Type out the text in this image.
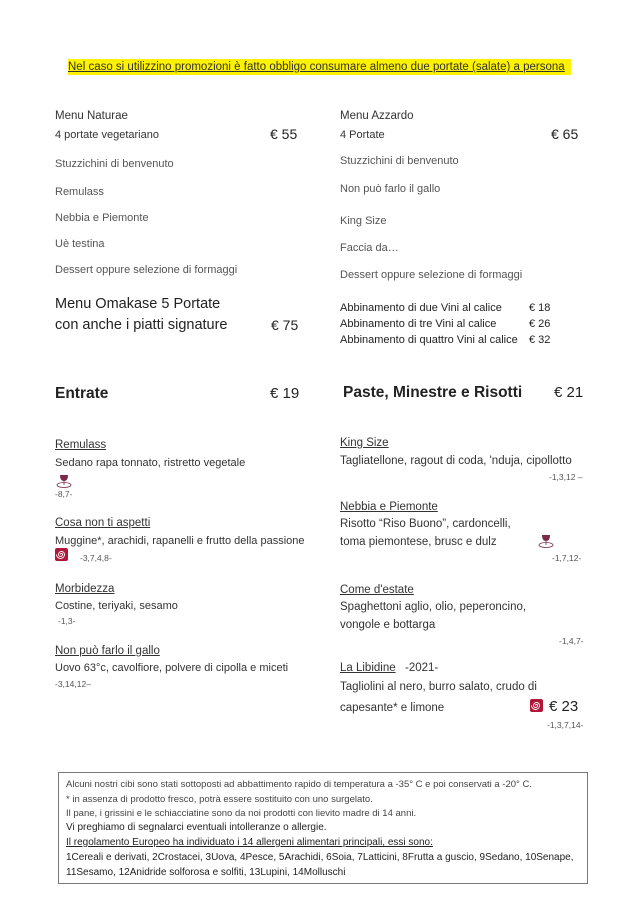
Nel caso si utilizzino promozioni è fatto obbligo consumare almeno due portate (salate) a persona
Menu Naturae
4 portate vegetariano	€ 55
Stuzzichini di benvenuto
Remulass
Nebbia e Piemonte
Uè testina
Dessert oppure selezione di formaggi
Menu Azzardo
4 Portate	€ 65
Stuzzichini di benvenuto
Non può farlo il gallo
King Size
Faccia da…
Dessert oppure selezione di formaggi
Menu Omakase 5 Portate
con anche i piatti signature	€ 75
Abbinamento di due Vini al calice € 18
Abbinamento di tre Vini al calice	€ 26
Abbinamento di quattro Vini al calice € 32
Entrate	€ 19
Remulass
Sedano rapa tonnato, ristretto vegetale
-8,7-
Cosa non ti aspetti
Muggine*, arachidi, rapanelli e frutto della passione
-3,7,4,8-
Morbidezza
Costine, teriyaki, sesamo
-1,3-
Non può farlo il gallo
Uovo 63°c, cavolfiore, polvere di cipolla e miceti
-3,14,12–
Paste, Minestre e Risotti € 21
King Size
Tagliatellone, ragout di coda, 'nduja, cipollotto
-1,3,12 –
Nebbia e Piemonte
Risotto “Riso Buono”, cardoncelli,
toma piemontese, brusc e dulz
-1,7,12-
Come d'estate
Spaghettoni aglio, olio, peperoncino,
vongole e bottarga
-1,4,7-
La Libidine -2021-
Tagliolini al nero, burro salato, crudo di
capesante* e limone	€ 23
-1,3,7,14-
Alcuni nostri cibi sono stati sottoposti ad abbattimento rapido di temperatura a -35° C e poi conservati a -20° C.
* in assenza di prodotto fresco, potrà essere sostituito con uno surgelato.
Il pane, i grissini e le schiacciatine sono da noi prodotti con lievito madre di 14 anni.
Vi preghiamo di segnalarci eventuali intolleranze o allergie.
Il regolamento Europeo ha individuato i 14 allergeni alimentari principali, essi sono:
1Cereali e derivati, 2Crostacei, 3Uova, 4Pesce, 5Arachidi, 6Soia, 7Latticini, 8Frutta a guscio, 9Sedano, 10Senape,
11Sesamo, 12Anidride solforosa e solfiti, 13Lupini, 14Molluschi
